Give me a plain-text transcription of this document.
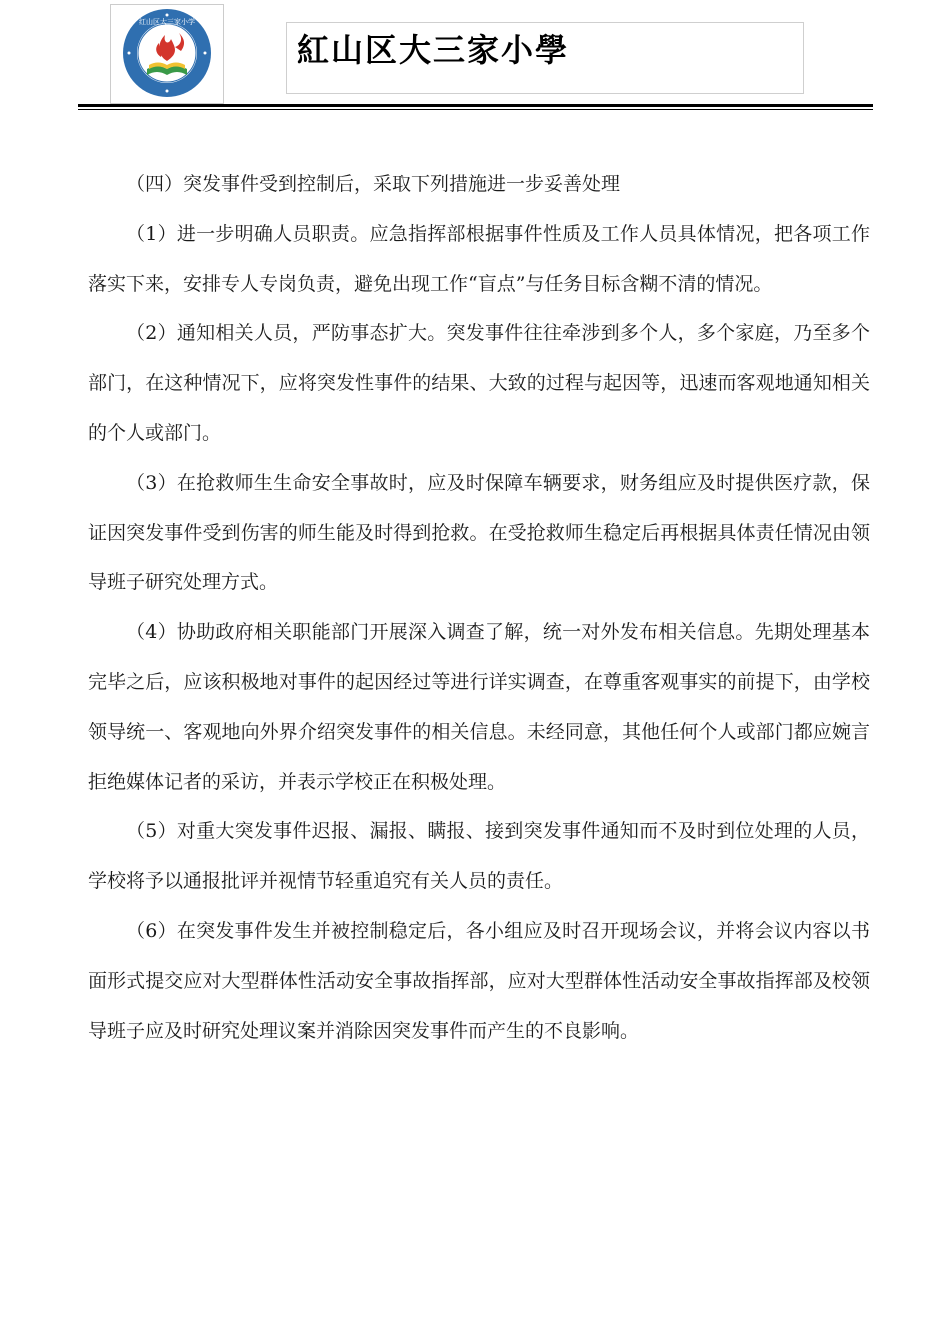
红山区大三家小学
紅山区大三家小學

（四）突发事件受到控制后，采取下列措施进一步妥善处理

（1）进一步明确人员职责。应急指挥部根据事件性质及工作人员具体情况，把各项工作落实下来，安排专人专岗负责，避免出现工作“盲点”与任务目标含糊不清的情况。

（2）通知相关人员，严防事态扩大。突发事件往往牵涉到多个人，多个家庭，乃至多个部门，在这种情况下，应将突发性事件的结果、大致的过程与起因等，迅速而客观地通知相关的个人或部门。

（3）在抢救师生生命安全事故时，应及时保障车辆要求，财务组应及时提供医疗款，保证因突发事件受到伤害的师生能及时得到抢救。在受抢救师生稳定后再根据具体责任情况由领导班子研究处理方式。

（4）协助政府相关职能部门开展深入调查了解，统一对外发布相关信息。先期处理基本完毕之后，应该积极地对事件的起因经过等进行详实调查，在尊重客观事实的前提下，由学校领导统一、客观地向外界介绍突发事件的相关信息。未经同意，其他任何个人或部门都应婉言拒绝媒体记者的采访，并表示学校正在积极处理。

（5）对重大突发事件迟报、漏报、瞒报、接到突发事件通知而不及时到位处理的人员，学校将予以通报批评并视情节轻重追究有关人员的责任。

（6）在突发事件发生并被控制稳定后，各小组应及时召开现场会议，并将会议内容以书面形式提交应对大型群体性活动安全事故指挥部，应对大型群体性活动安全事故指挥部及校领导班子应及时研究处理议案并消除因突发事件而产生的不良影响。
